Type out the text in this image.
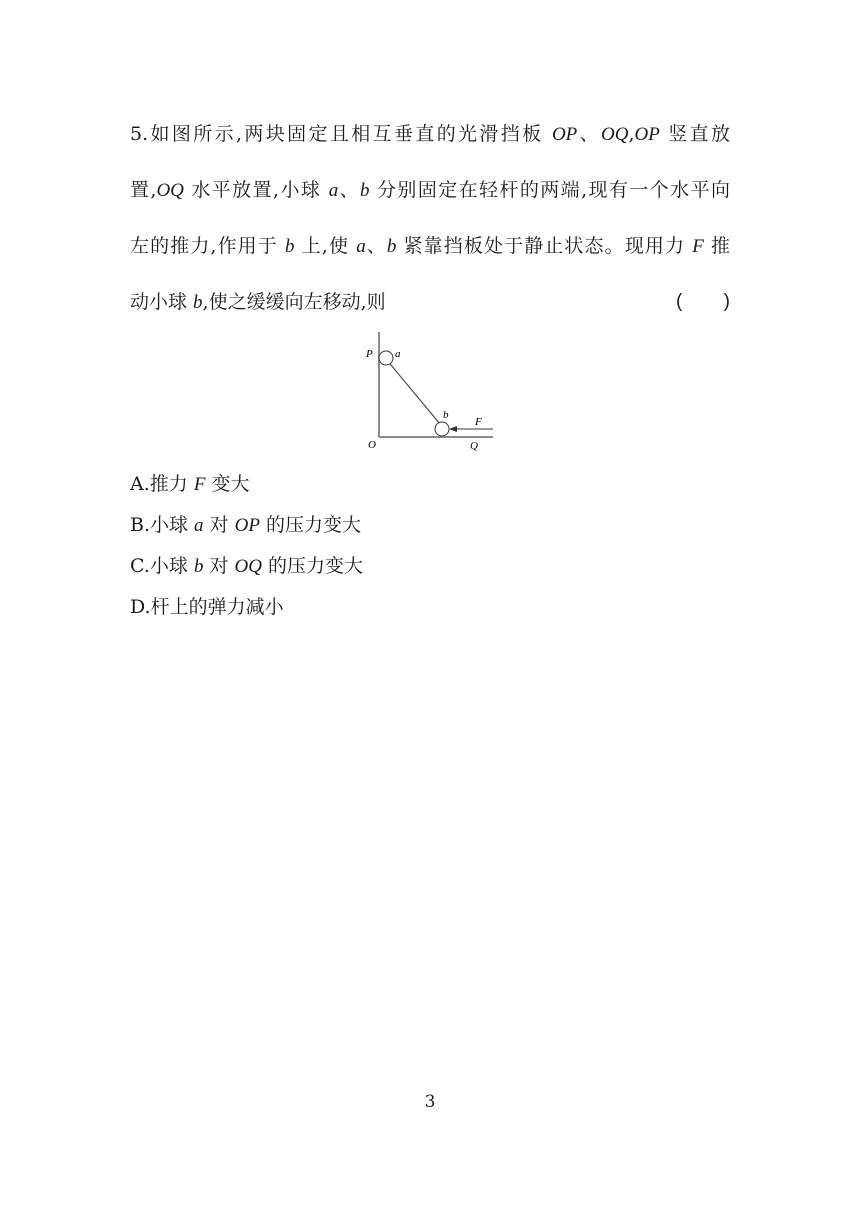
5.如图所示,两块固定且相互垂直的光滑挡板 OP、OQ,OP 竖直放
置,OQ 水平放置,小球 a、b 分别固定在轻杆的两端,现有一个水平向
左的推力,作用于 b 上,使 a、b 紧靠挡板处于静止状态。现用力 F 推
动小球 b,使之缓缓向左移动,则	( )
P a
b
F
O	Q
A.推力 F 变大
B.小球 a 对 OP 的压力变大
C.小球 b 对 OQ 的压力变大
D.杆上的弹力减小
3
